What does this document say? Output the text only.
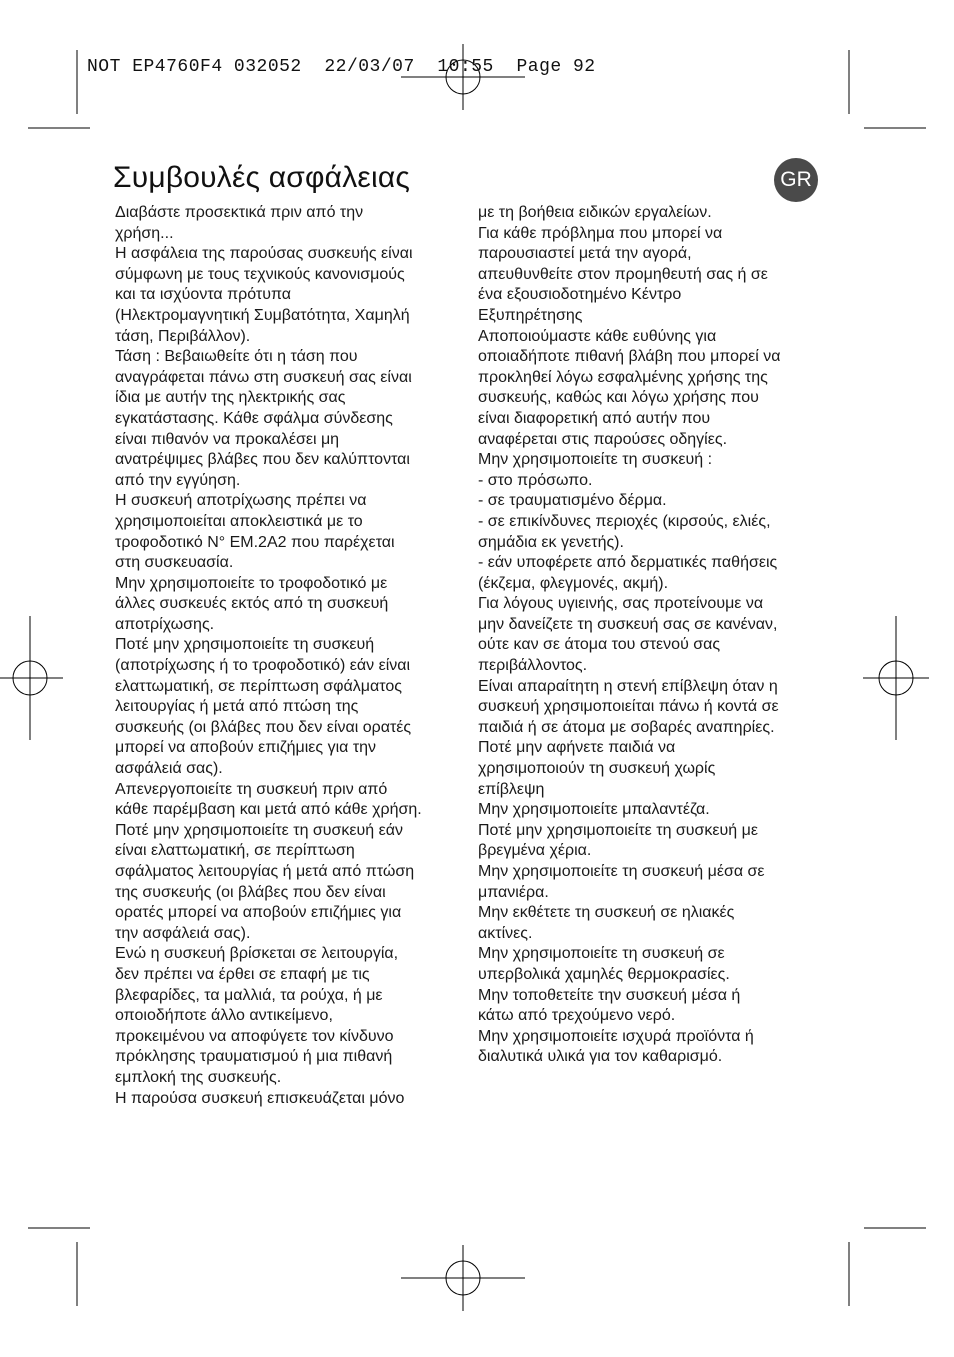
NOT EP4760F4 032052  22/03/07  10:55  Page 92
Συμβουλές ασφάλειας	GR

Διαβάστε προσεκτικά πριν από την

χρήση...

Η ασφάλεια της παρούσας συσκευής είναι

σύμφωνη με τους τεχνικούς κανονισμούς

και τα ισχύοντα πρότυπα

(Ηλεκτρομαγνητική Συμβατότητα, Χαμηλή

τάση, Περιβάλλον).

Τάση : Βεβαιωθείτε ότι η τάση που

αναγράφεται πάνω στη συσκευή σας είναι

ίδια με αυτήν της ηλεκτρικής σας

εγκατάστασης. Κάθε σφάλμα σύνδεσης

είναι πιθανόν να προκαλέσει μη

ανατρέψιμες βλάβες που δεν καλύπτονται

από την εγγύηση.

Η συσκευή αποτρίχωσης πρέπει να

χρησιμοποιείται αποκλειστικά με το

τροφοδοτικό N° EM.2A2 που παρέχεται

στη συσκευασία.

Μην χρησιμοποιείτε το τροφοδοτικό με

άλλες συσκευές εκτός από τη συσκευή

αποτρίχωσης.

Ποτέ μην χρησιμοποιείτε τη συσκευή

(αποτρίχωσης ή το τροφοδοτικό) εάν είναι

ελαττωματική, σε περίπτωση σφάλματος

λειτουργίας ή μετά από πτώση της

συσκευής (οι βλάβες που δεν είναι ορατές

μπορεί να αποβούν επιζήμιες για την

ασφάλειά σας).

Απενεργοποιείτε τη συσκευή πριν από

κάθε παρέμβαση και μετά από κάθε χρήση.

Ποτέ μην χρησιμοποιείτε τη συσκευή εάν

είναι ελαττωματική, σε περίπτωση

σφάλματος λειτουργίας ή μετά από πτώση

της συσκευής (οι βλάβες που δεν είναι

ορατές μπορεί να αποβούν επιζήμιες για

την ασφάλειά σας).

Ενώ η συσκευή βρίσκεται σε λειτουργία,

δεν πρέπει να έρθει σε επαφή με τις

βλεφαρίδες, τα μαλλιά, τα ρούχα, ή με

οποιοδήποτε άλλο αντικείμενο,

προκειμένου να αποφύγετε τον κίνδυνο

πρόκλησης τραυματισμού ή μια πιθανή

εμπλοκή της συσκευής.

Η παρούσα συσκευή επισκευάζεται μόνο

με τη βοήθεια ειδικών εργαλείων.

Για κάθε πρόβλημα που μπορεί να

παρουσιαστεί μετά την αγορά,

απευθυνθείτε στον προμηθευτή σας ή σε

ένα εξουσιοδοτημένο Κέντρο

Εξυπηρέτησης

Αποποιούμαστε κάθε ευθύνης για

οποιαδήποτε πιθανή βλάβη που μπορεί να

προκληθεί λόγω εσφαλμένης χρήσης της

συσκευής, καθώς και λόγω χρήσης που

είναι διαφορετική από αυτήν που

αναφέρεται στις παρούσες οδηγίες.

Μην χρησιμοποιείτε τη συσκευή :

- στο πρόσωπο.

- σε τραυματισμένο δέρμα.

- σε επικίνδυνες περιοχές (κιρσούς, ελιές,

σημάδια εκ γενετής).

- εάν υποφέρετε από δερματικές παθήσεις

(έκζεμα, φλεγμονές, ακμή).

Για λόγους υγιεινής, σας προτείνουμε να

μην δανείζετε τη συσκευή σας σε κανέναν,

ούτε καν σε άτομα του στενού σας

περιβάλλοντος.

Είναι απαραίτητη η στενή επίβλεψη όταν η

συσκευή χρησιμοποιείται πάνω ή κοντά σε

παιδιά ή σε άτομα με σοβαρές αναπηρίες.

Ποτέ μην αφήνετε παιδιά να

χρησιμοποιούν τη συσκευή χωρίς

επίβλεψη

Μην χρησιμοποιείτε μπαλαντέζα.

Ποτέ μην χρησιμοποιείτε τη συσκευή με

βρεγμένα χέρια.

Μην χρησιμοποιείτε τη συσκευή μέσα σε

μπανιέρα.

Μην εκθέτετε τη συσκευή σε ηλιακές

ακτίνες.

Μην χρησιμοποιείτε τη συσκευή σε

υπερβολικά χαμηλές θερμοκρασίες.

Μην τοποθετείτε την συσκευή μέσα ή

κάτω από τρεχούμενο νερό.

Μην χρησιμοποιείτε ισχυρά προϊόντα ή

διαλυτικά υλικά για τον καθαρισμό.
